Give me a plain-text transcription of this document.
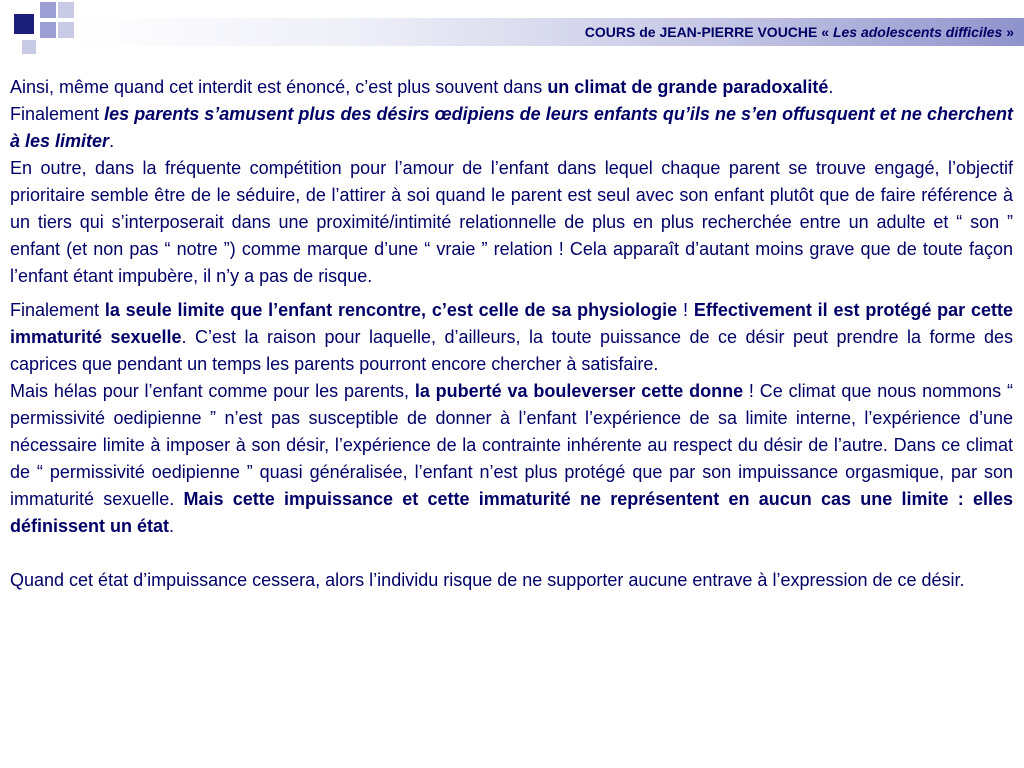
COURS de JEAN-PIERRE VOUCHE « Les adolescents difficiles »

Ainsi, même quand cet interdit est énoncé, c’est plus souvent dans un climat de grande paradoxalité.

Finalement les parents s’amusent plus des désirs œdipiens de leurs enfants qu’ils ne s’en offusquent et ne cherchent à les limiter.

En outre, dans la fréquente compétition pour l’amour de l’enfant dans lequel chaque parent se trouve engagé, l’objectif prioritaire semble être de le séduire, de l’attirer à soi quand le parent est seul avec son enfant plutôt que de faire référence à un tiers qui s’interposerait dans une proximité/intimité relationnelle de plus en plus recherchée entre un adulte et “ son ” enfant (et non pas “ notre ”) comme marque d’une “ vraie ” relation ! Cela apparaît d’autant moins grave que de toute façon l’enfant étant impubère, il n’y a pas de risque.

Finalement la seule limite que l’enfant rencontre, c’est celle de sa physiologie ! Effectivement il est protégé par cette immaturité sexuelle. C’est la raison pour laquelle, d’ailleurs, la toute puissance de ce désir peut prendre la forme des caprices que pendant un temps les parents pourront encore chercher à satisfaire.

Mais hélas pour l’enfant comme pour les parents, la puberté va bouleverser cette donne ! Ce climat que nous nommons “ permissivité oedipienne ” n’est pas susceptible de donner à l’enfant l’expérience de sa limite interne, l’expérience d’une nécessaire limite à imposer à son désir, l’expérience de la contrainte inhérente au respect du désir de l’autre. Dans ce climat de “ permissivité oedipienne ” quasi généralisée, l’enfant n’est plus protégé que par son impuissance orgasmique, par son immaturité sexuelle. Mais cette impuissance et cette immaturité ne représentent en aucun cas une limite : elles définissent un état.

Quand cet état d’impuissance cessera, alors l’individu risque de ne supporter aucune entrave à l’expression de ce désir.
